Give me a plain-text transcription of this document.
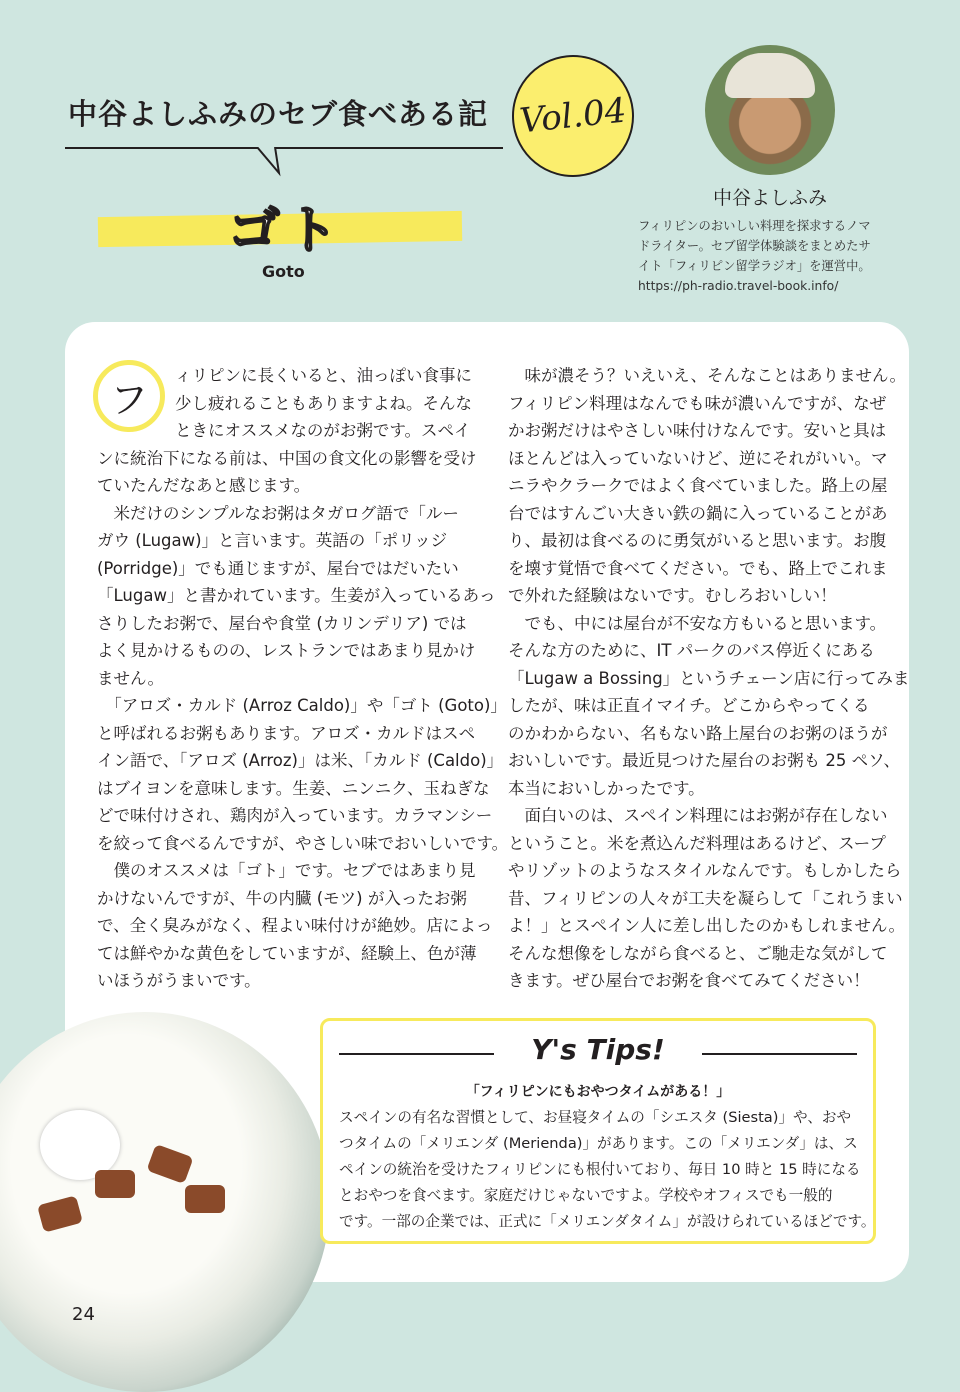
中谷よしふみのセブ食べある記 Vol.04
中谷よしふみ
フィリピンのおいしい料理を探求するノマ
ドライター。セブ留学体験談をまとめたサ
イト「フィリピン留学ラジオ」を運営中。
https://ph-radio.travel-book.info/
ゴト
Goto
フ
ィリピンに長くいると、油っぽい食事に
少し疲れることもありますよね。そんな
ときにオススメなのがお粥です。スペイ
ンに統治下になる前は、中国の食文化の影響を受け
ていたんだなあと感じます。
　米だけのシンプルなお粥はタガログ語で「ルー
ガウ (Lugaw)」と言います。英語の「ポリッジ
(Porridge)」でも通じますが、屋台ではだいたい
「Lugaw」と書かれています。生姜が入っているあっ
さりしたお粥で、屋台や食堂 (カリンデリア) では
よく見かけるものの、レストランではあまり見かけ
ません。
　「アロズ・カルド (Arroz Caldo)」や「ゴト (Goto)」
と呼ばれるお粥もあります。アロズ・カルドはスペ
イン語で、「アロズ (Arroz)」は米、「カルド (Caldo)」
はブイヨンを意味します。生姜、ニンニク、玉ねぎな
どで味付けされ、鶏肉が入っています。カラマンシー
を絞って食べるんですが、やさしい味でおいしいです。
　僕のオススメは「ゴト」です。セブではあまり見
かけないんですが、牛の内臓 (モツ) が入ったお粥
で、全く臭みがなく、程よい味付けが絶妙。店によっ
ては鮮やかな黄色をしていますが、経験上、色が薄
いほうがうまいです。
　味が濃そう？いえいえ、そんなことはありません。
フィリピン料理はなんでも味が濃いんですが、なぜ
かお粥だけはやさしい味付けなんです。安いと具は
ほとんどは入っていないけど、逆にそれがいい。マ
ニラやクラークではよく食べていました。路上の屋
台ではすんごい大きい鉄の鍋に入っていることがあ
り、最初は食べるのに勇気がいると思います。お腹
を壊す覚悟で食べてください。でも、路上でこれま
で外れた経験はないです。むしろおいしい！
　でも、中には屋台が不安な方もいると思います。
そんな方のために、IT パークのバス停近くにある
「Lugaw a Bossing」というチェーン店に行ってみま
したが、味は正直イマイチ。どこからやってくる
のかわからない、名もない路上屋台のお粥のほうが
おいしいです。最近見つけた屋台のお粥も 25 ペソ、
本当においしかったです。
　面白いのは、スペイン料理にはお粥が存在しない
ということ。米を煮込んだ料理はあるけど、スープ
やリゾットのようなスタイルなんです。もしかしたら
昔、フィリピンの人々が工夫を凝らして「これうまい
よ！」とスペイン人に差し出したのかもしれません。
そんな想像をしながら食べると、ご馳走な気がして
きます。ぜひ屋台でお粥を食べてみてください！
Y's Tips!
「フィリピンにもおやつタイムがある！」
スペインの有名な習慣として、お昼寝タイムの「シエスタ (Siesta)」や、おや
つタイムの「メリエンダ (Merienda)」があります。この「メリエンダ」は、ス
ペインの統治を受けたフィリピンにも根付いており、毎日 10 時と 15 時になる
とおやつを食べます。家庭だけじゃないですよ。学校やオフィスでも一般的
です。一部の企業では、正式に「メリエンダタイム」が設けられているほどです。
24
